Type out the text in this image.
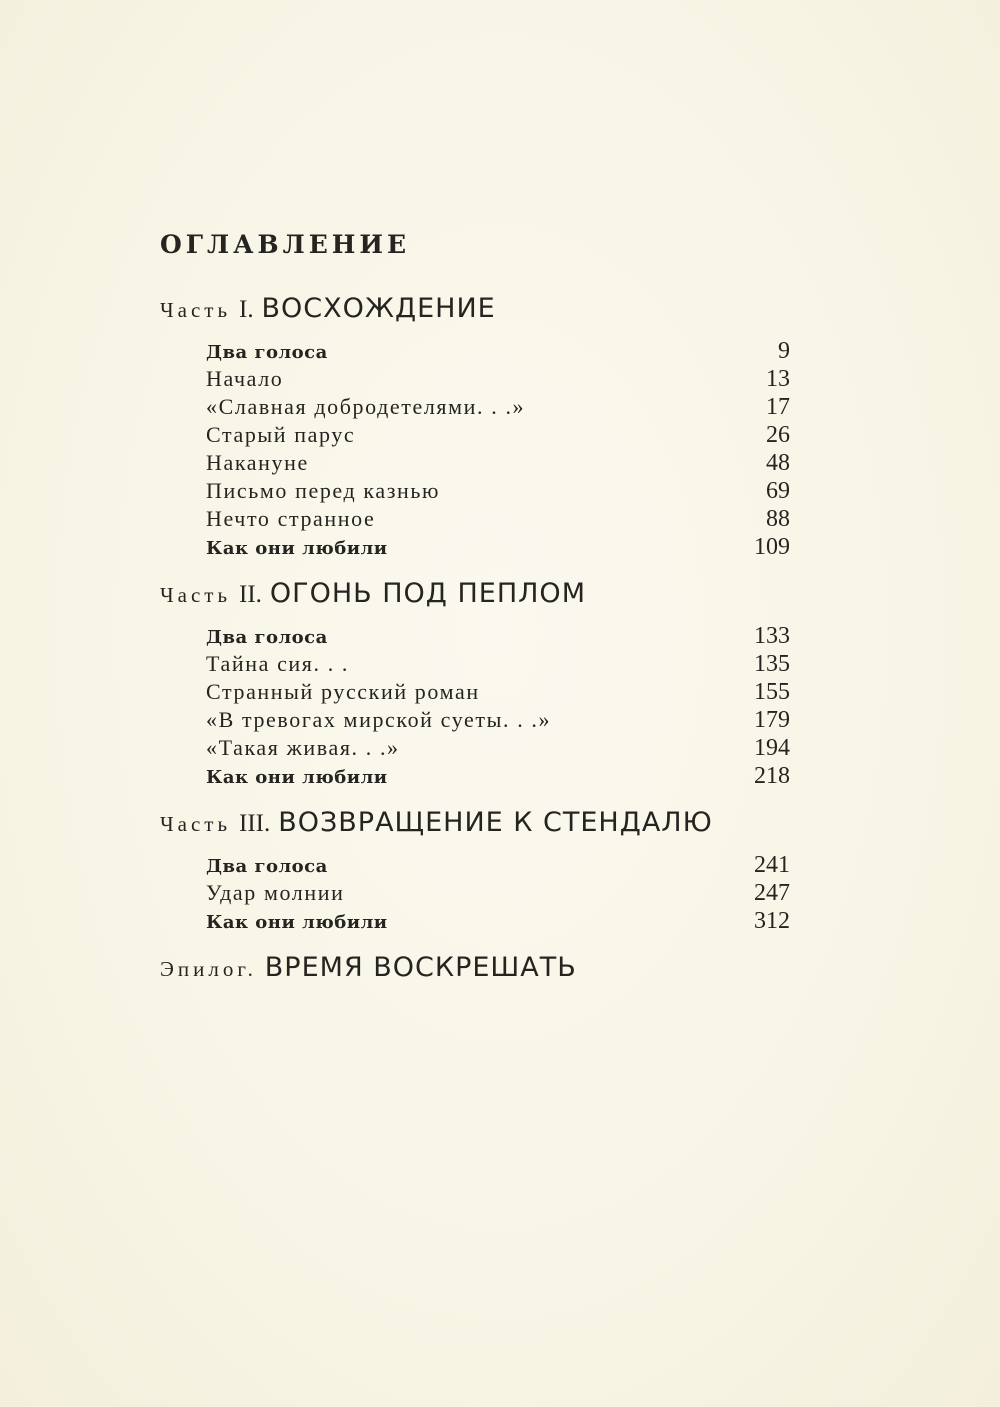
ОГЛАВЛЕНИЕ
Часть I. ВОСХОЖДЕНИЕ
Два голоса	9
Начало	13
«Славная добродетелями. . .»	17
Старый парус	26
Накануне	48
Письмо перед казнью	69
Нечто странное	88
Как они любили	109
Часть II. ОГОНЬ ПОД ПЕПЛОМ
Два голоса	133
Тайна сия. . .	135
Странный русский роман	155
«В тревогах мирской суеты. . .»	179
«Такая живая. . .»	194
Как они любили	218
Часть III. ВОЗВРАЩЕНИЕ К СТЕНДАЛЮ
Два голоса	241
Удар молнии	247
Как они любили	312
Эпилог. ВРЕМЯ ВОСКРЕШАТЬ
